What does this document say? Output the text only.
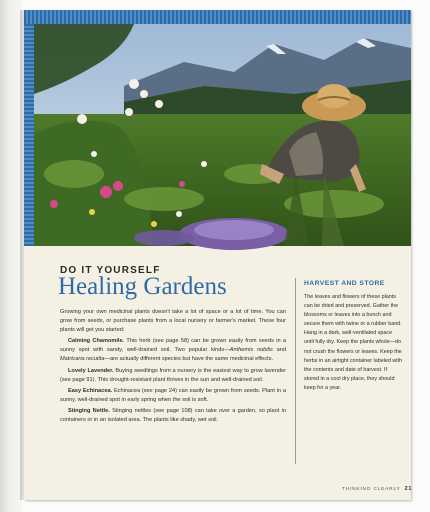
DO IT YOURSELF
Healing Gardens

Growing your own medicinal plants doesn't take a lot of space or a lot of time. You can grow from seeds, or purchase plants from a local nursery or farmer's market. These four plants will get you started:

Calming Chamomile. This herb (see page 58) can be grown easily from seeds in a sunny spot with sandy, well-drained soil. Two popular kinds—Anthemis nobilis and Matricaria recutita—are actually different species but have the same medicinal effects.

Lovely Lavender. Buying seedlings from a nursery is the easiest way to grow lavender (see page 91). This drought-resistant plant thrives in the sun and well-drained soil.

Easy Echinacea. Echinacea (see page 24) can easily be grown from seeds. Plant in a sunny, well-drained spot in early spring when the soil is soft.

Stinging Nettle. Stinging nettles (see page 108) can take over a garden, so plant in containers or in an isolated area. The plants like shady, wet soil.

HARVEST AND STORE
The leaves and flowers of these plants can be dried and preserved. Gather the blossoms or leaves into a bunch and secure them with twine or a rubber band. Hang in a dark, well-ventilated space until fully dry. Keep the plants whole—do not crush the flowers or leaves. Keep the herbs in an airtight container labeled with the contents and date of harvest. If stored in a cool dry place, they should keep for a year.
THINKING CLEARLY 21
